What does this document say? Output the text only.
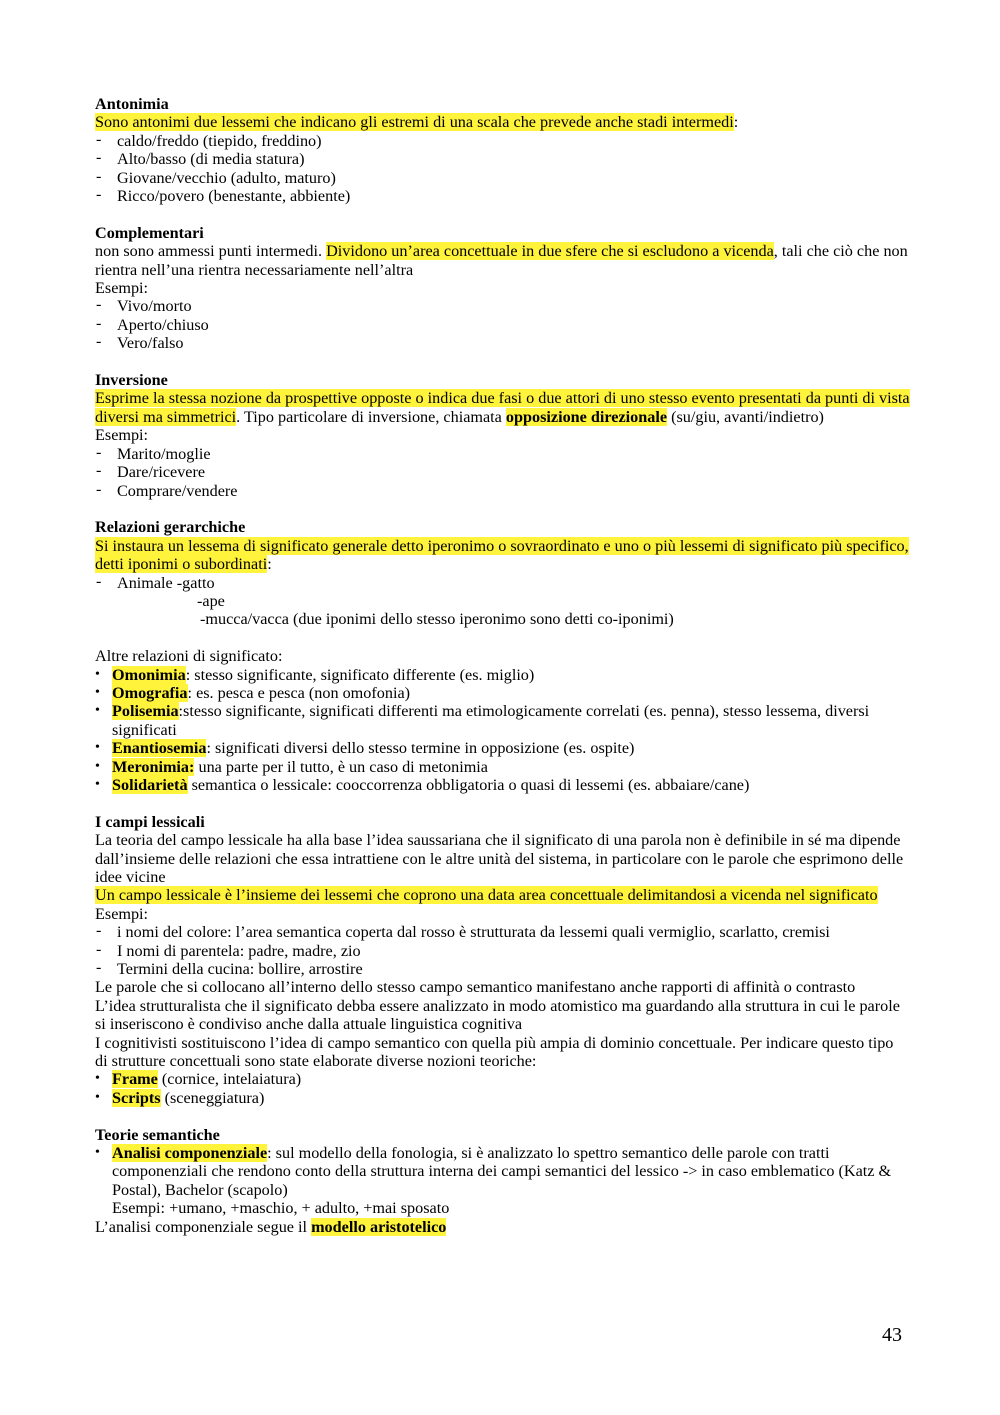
Antonimia
Sono antonimi due lessemi che indicano gli estremi di una scala che prevede anche stadi intermedi:
- caldo/freddo (tiepido, freddino)
- Alto/basso (di media statura)
- Giovane/vecchio (adulto, maturo)
- Ricco/povero (benestante, abbiente)
Complementari
non sono ammessi punti intermedi. Dividono un’area concettuale in due sfere che si escludono a vicenda, tali che ciò che non rientra nell’una rientra necessariamente nell’altra
Esempi:
- Vivo/morto
- Aperto/chiuso
- Vero/falso
Inversione
Esprime la stessa nozione da prospettive opposte o indica due fasi o due attori di uno stesso evento presentati da punti di vista diversi ma simmetrici. Tipo particolare di inversione, chiamata opposizione direzionale (su/giu, avanti/indietro)
Esempi:
- Marito/moglie
- Dare/ricevere
- Comprare/vendere
Relazioni gerarchiche
Si instaura un lessema di significato generale detto iperonimo o sovraordinato e uno o più lessemi di significato più specifico, detti iponimi o subordinati:
- Animale -gatto
-ape
-mucca/vacca (due iponimi dello stesso iperonimo sono detti co-iponimi)
Altre relazioni di significato:
• Omonimia: stesso significante, significato differente (es. miglio)
• Omografia: es. pesca e pesca (non omofonia)
• Polisemia:stesso significante, significati differenti ma etimologicamente correlati (es. penna), stesso lessema, diversi significati
• Enantiosemia: significati diversi dello stesso termine in opposizione (es. ospite)
• Meronimia: una parte per il tutto, è un caso di metonimia
• Solidarietà semantica o lessicale: cooccorrenza obbligatoria o quasi di lessemi (es. abbaiare/cane)
I campi lessicali
La teoria del campo lessicale ha alla base l’idea saussariana che il significato di una parola non è definibile in sé ma dipende dall’insieme delle relazioni che essa intrattiene con le altre unità del sistema, in particolare con le parole che esprimono delle idee vicine
Un campo lessicale è l’insieme dei lessemi che coprono una data area concettuale delimitandosi a vicenda nel significato
Esempi:
- i nomi del colore: l’area semantica coperta dal rosso è strutturata da lessemi quali vermiglio, scarlatto, cremisi
- I nomi di parentela: padre, madre, zio
- Termini della cucina: bollire, arrostire
Le parole che si collocano all’interno dello stesso campo semantico manifestano anche rapporti di affinità o contrasto
L’idea strutturalista che il significato debba essere analizzato in modo atomistico ma guardando alla struttura in cui le parole si inseriscono è condiviso anche dalla attuale linguistica cognitiva
I cognitivisti sostituiscono l’idea di campo semantico con quella più ampia di dominio concettuale. Per indicare questo tipo di strutture concettuali sono state elaborate diverse nozioni teoriche:
• Frame (cornice, intelaiatura)
• Scripts (sceneggiatura)
Teorie semantiche
• Analisi componenziale: sul modello della fonologia, si è analizzato lo spettro semantico delle parole con tratti componenziali che rendono conto della struttura interna dei campi semantici del lessico -> in caso emblematico (Katz & Postal), Bachelor (scapolo)
Esempi: +umano, +maschio, + adulto, +mai sposato
L’analisi componenziale segue il modello aristotelico
43
